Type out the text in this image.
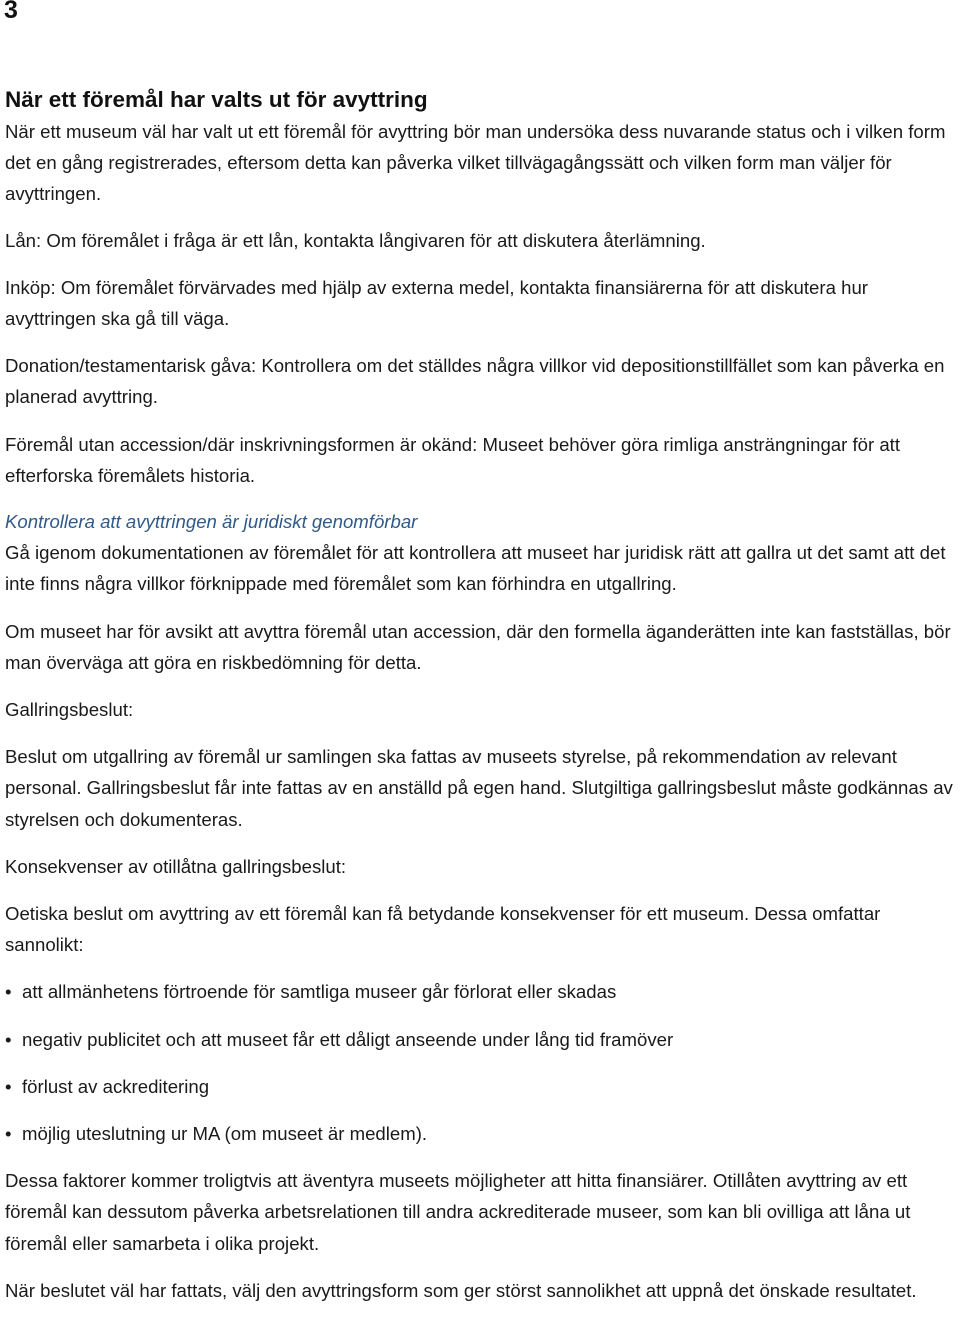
3
När ett föremål har valts ut för avyttring

När ett museum väl har valt ut ett föremål för avyttring bör man undersöka dess nuvarande status och i vilken form det en gång registrerades, eftersom detta kan påverka vilket tillvägagångssätt och vilken form man väljer för avyttringen.

Lån: Om föremålet i fråga är ett lån, kontakta långivaren för att diskutera återlämning.

Inköp: Om föremålet förvärvades med hjälp av externa medel, kontakta finansiärerna för att diskutera hur avyttringen ska gå till väga.

Donation/testamentarisk gåva: Kontrollera om det ställdes några villkor vid depositionstillfället som kan påverka en planerad avyttring.

Föremål utan accession/där inskrivningsformen är okänd: Museet behöver göra rimliga ansträngningar för att efterforska föremålets historia.

Kontrollera att avyttringen är juridiskt genomförbar

Gå igenom dokumentationen av föremålet för att kontrollera att museet har juridisk rätt att gallra ut det samt att det inte finns några villkor förknippade med föremålet som kan förhindra en utgallring.

Om museet har för avsikt att avyttra föremål utan accession, där den formella äganderätten inte kan fastställas, bör man överväga att göra en riskbedömning för detta.

Gallringsbeslut:

Beslut om utgallring av föremål ur samlingen ska fattas av museets styrelse, på rekommendation av relevant personal. Gallringsbeslut får inte fattas av en anställd på egen hand. Slutgiltiga gallringsbeslut måste godkännas av styrelsen och dokumenteras.

Konsekvenser av otillåtna gallringsbeslut:

Oetiska beslut om avyttring av ett föremål kan få betydande konsekvenser för ett museum. Dessa omfattar sannolikt:

• att allmänhetens förtroende för samtliga museer går förlorat eller skadas
• negativ publicitet och att museet får ett dåligt anseende under lång tid framöver
• förlust av ackreditering
• möjlig uteslutning ur MA (om museet är medlem).

Dessa faktorer kommer troligtvis att äventyra museets möjligheter att hitta finansiärer. Otillåten avyttring av ett föremål kan dessutom påverka arbetsrelationen till andra ackrediterade museer, som kan bli ovilliga att låna ut föremål eller samarbeta i olika projekt.

När beslutet väl har fattats, välj den avyttringsform som ger störst sannolikhet att uppnå det önskade resultatet.
